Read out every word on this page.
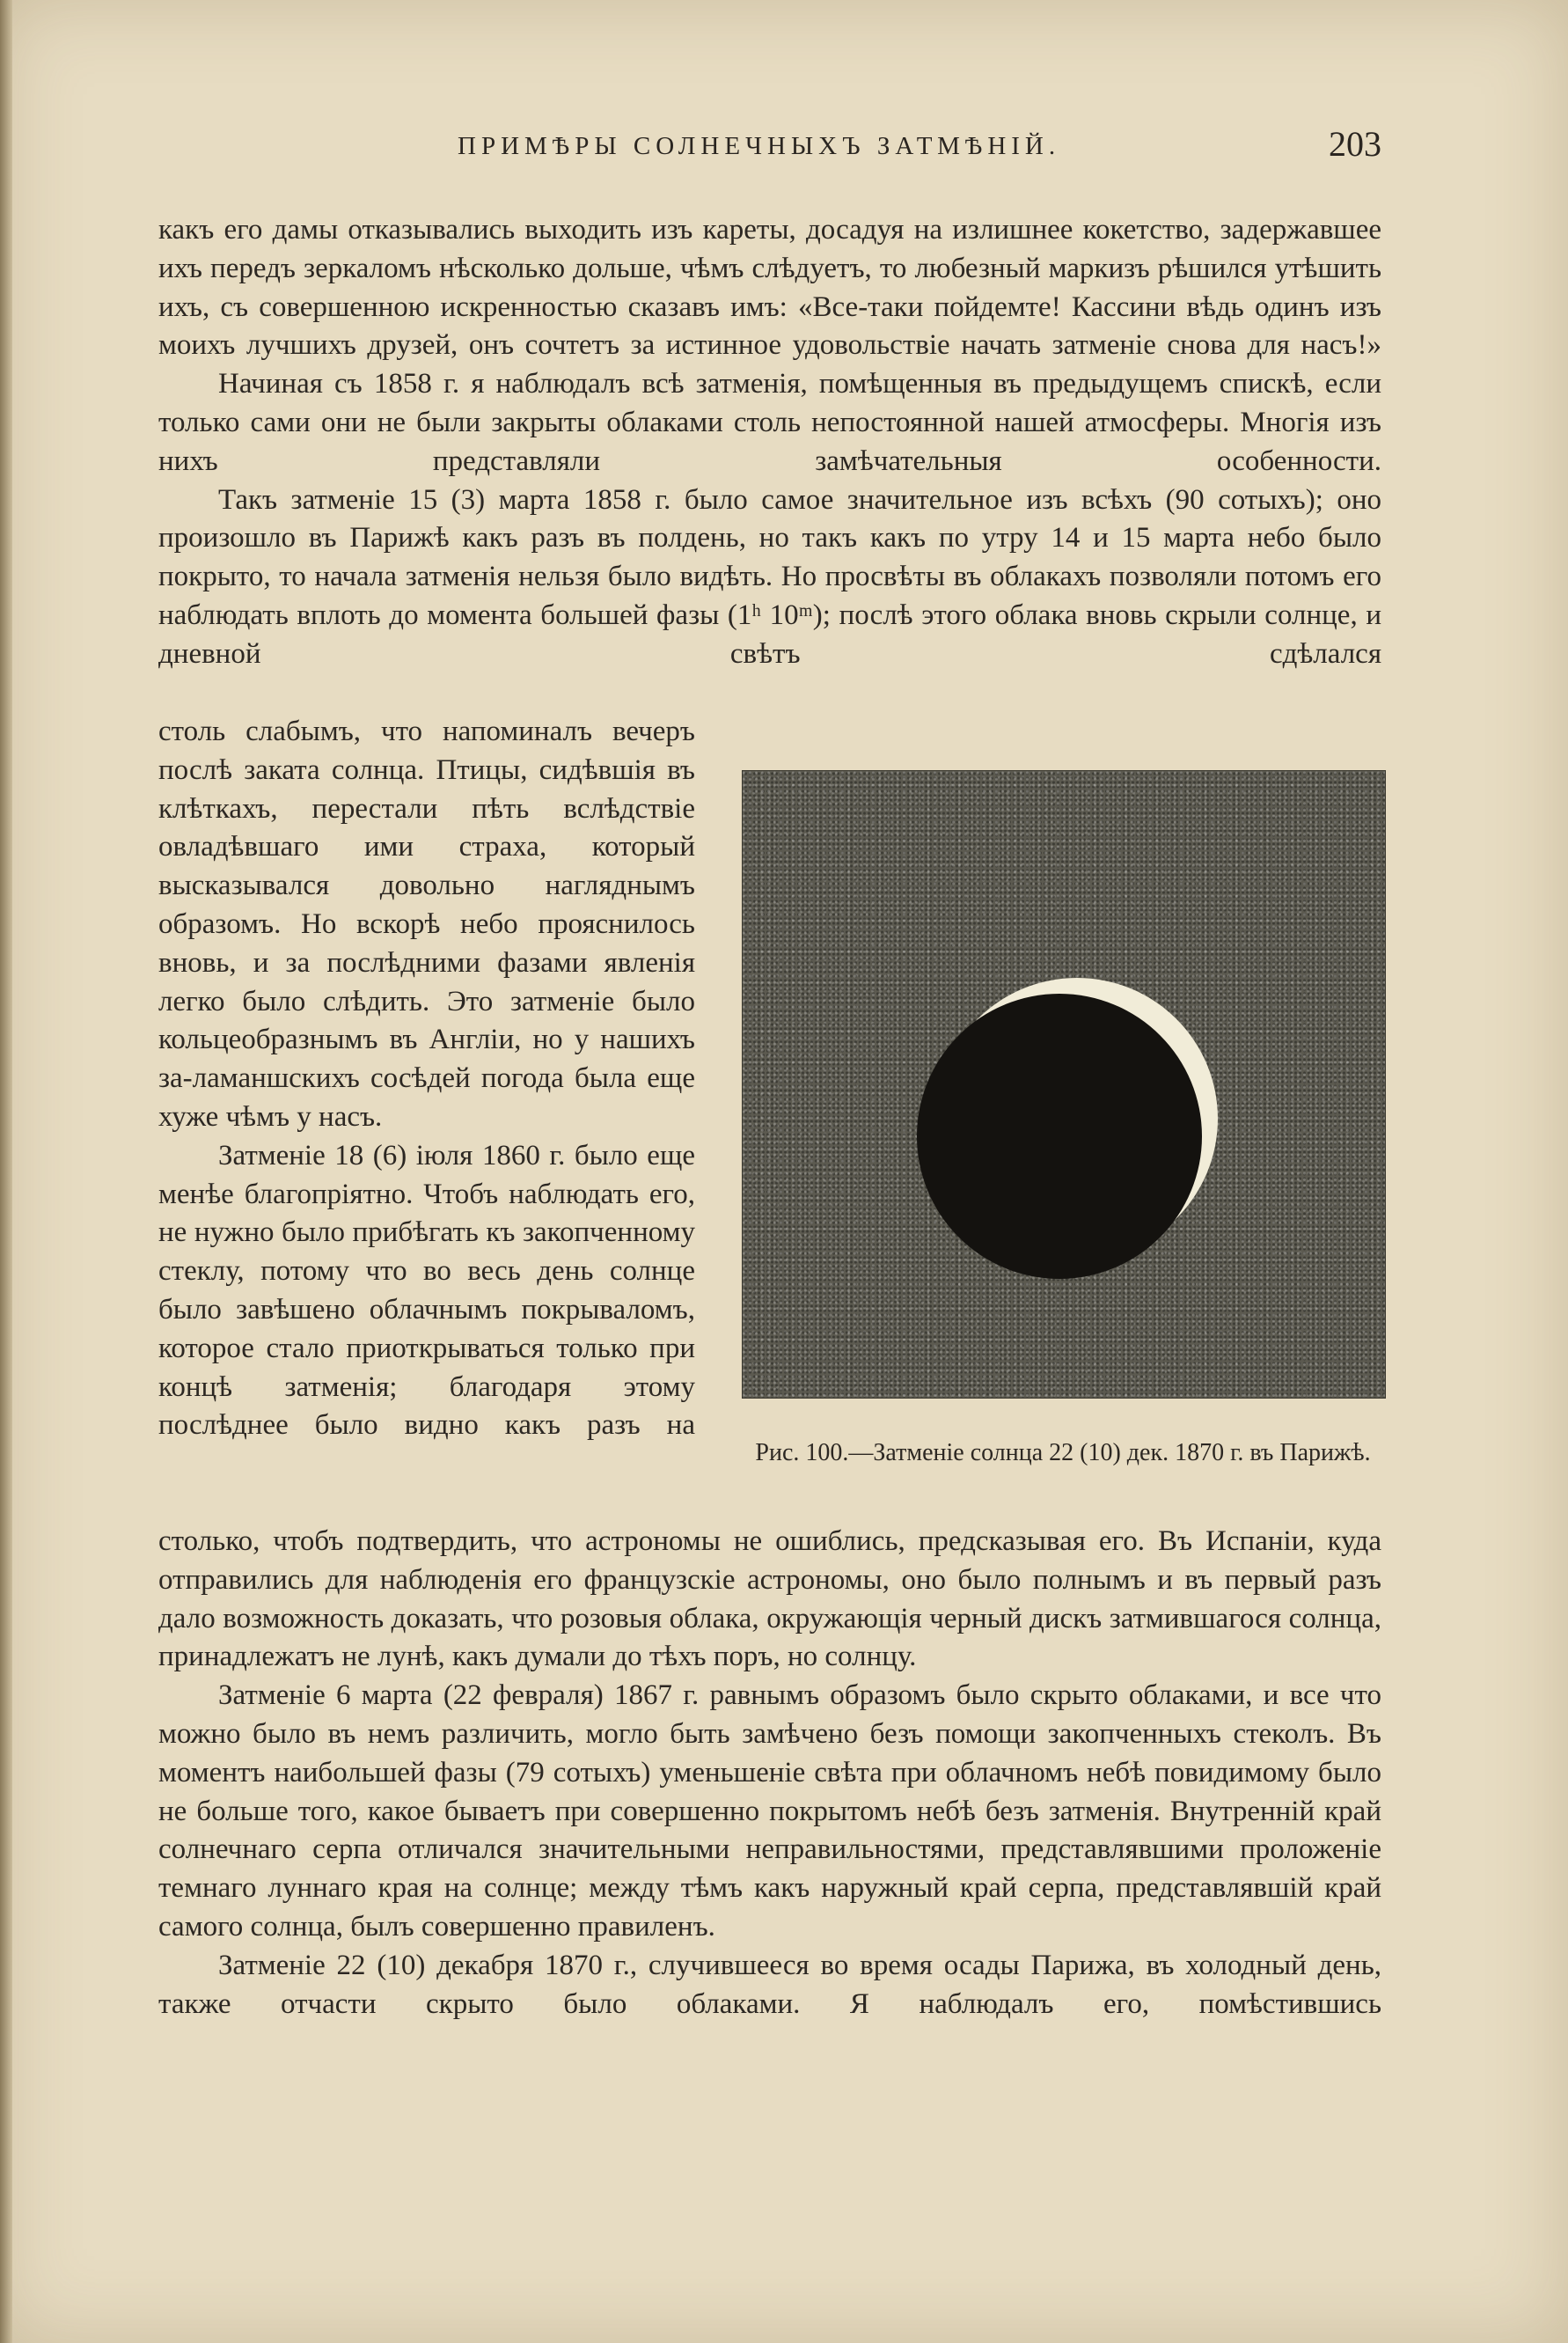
ПРИМѢРЫ СОЛНЕЧНЫХЪ ЗАТМѢНІЙ.	203

какъ его дамы отказывались выходить изъ кареты, досадуя на излишнее кокетство, задержавшее ихъ передъ зеркаломъ нѣсколько дольше, чѣмъ слѣдуетъ, то любезный маркизъ рѣшился утѣшить ихъ, съ совершенною искренностью сказавъ имъ: «Все-таки пойдемте! Кассини вѣдь одинъ изъ моихъ лучшихъ друзей, онъ сочтетъ за истинное удовольствіе начать затменіе снова для насъ!»

Начиная съ 1858 г. я наблюдалъ всѣ затменія, помѣщенныя въ предыдущемъ спискѣ, если только сами они не были закрыты облаками столь непостоянной нашей атмосферы. Многія изъ нихъ представляли замѣчательныя особенности.

Такъ затменіе 15 (3) марта 1858 г. было самое значительное изъ всѣхъ (90 сотыхъ); оно произошло въ Парижѣ какъ разъ въ полдень, но такъ какъ по утру 14 и 15 марта небо было покрыто, то начала затменія нельзя было видѣть. Но просвѣты въ облакахъ позволяли потомъ его наблюдать вплоть до момента большей фазы (1ʰ 10ᵐ); послѣ этого облака вновь скрыли солнце, и дневной свѣтъ сдѣлался

столь слабымъ, что напоминалъ вечеръ послѣ заката солнца. Птицы, сидѣвшія въ клѣткахъ, перестали пѣть вслѣдствіе овладѣвшаго ими страха, который высказывался довольно нагляднымъ образомъ. Но вскорѣ небо прояснилось вновь, и за послѣдними фазами явленія легко было слѣдить. Это затменіе было кольцеобразнымъ въ Англіи, но у нашихъ за-ламаншскихъ сосѣдей погода была еще хуже чѣмъ у насъ.

Затменіе 18 (6) іюля 1860 г. было еще менѣе благопріятно. Чтобъ наблюдать его, не нужно было прибѣгать къ закопченному стеклу, потому что во весь день солнце было завѣшено облачнымъ покрываломъ, которое стало приоткрываться только при концѣ затменія; благодаря этому послѣднее было видно какъ разъ на

Рис. 100.—Затменіе солнца 22 (10) дек. 1870 г. въ Парижѣ.

столько, чтобъ подтвердить, что астрономы не ошиблись, предсказывая его. Въ Испаніи, куда отправились для наблюденія его французскіе астрономы, оно было полнымъ и въ первый разъ дало возможность доказать, что розовыя облака, окружающія черный дискъ затмившагося солнца, принадлежатъ не лунѣ, какъ думали до тѣхъ поръ, но солнцу.

Затменіе 6 марта (22 февраля) 1867 г. равнымъ образомъ было скрыто облаками, и все что можно было въ немъ различить, могло быть замѣчено безъ помощи закопченныхъ стеколъ. Въ моментъ наибольшей фазы (79 сотыхъ) уменьшеніе свѣта при облачномъ небѣ повидимому было не больше того, какое бываетъ при совершенно покрытомъ небѣ безъ затменія. Внутренній край солнечнаго серпа отличался значительными неправильностями, представлявшими проложеніе темнаго луннаго края на солнце; между тѣмъ какъ наружный край серпа, представлявшій край самого солнца, былъ совершенно правиленъ.

Затменіе 22 (10) декабря 1870 г., случившееся во время осады Парижа, въ холодный день, также отчасти скрыто было облаками. Я наблюдалъ его, помѣстившись
